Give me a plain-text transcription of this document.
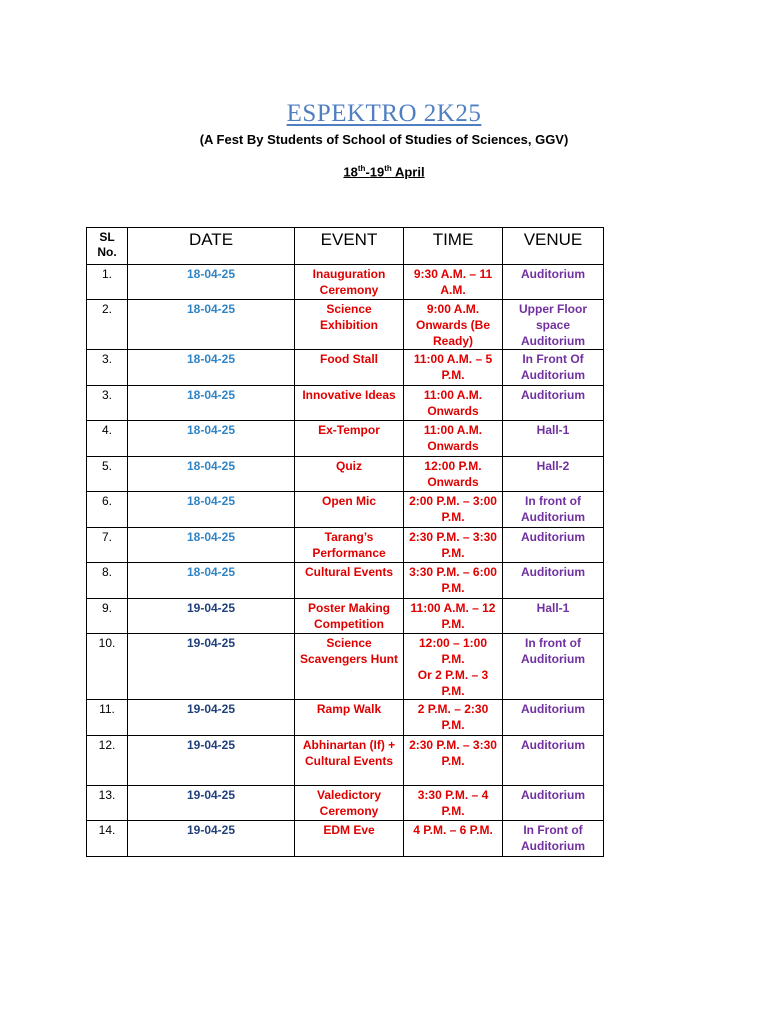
ESPEKTRO 2K25
(A Fest By Students of School of Studies of Sciences, GGV)
18th-19th April
SL No.	DATE	EVENT	TIME	VENUE
1.	18-04-25	Inauguration Ceremony	9:30 A.M. – 11 A.M.	Auditorium
2.	18-04-25	Science Exhibition	9:00 A.M. Onwards (Be Ready)	Upper Floor space Auditorium
3.	18-04-25	Food Stall	11:00 A.M. – 5 P.M.	In Front Of Auditorium
3.	18-04-25	Innovative Ideas	11:00 A.M. Onwards	Auditorium
4.	18-04-25	Ex-Tempor	11:00 A.M. Onwards	Hall-1
5.	18-04-25	Quiz	12:00 P.M. Onwards	Hall-2
6.	18-04-25	Open Mic	2:00 P.M. – 3:00 P.M.	In front of Auditorium
7.	18-04-25	Tarang’s Performance	2:30 P.M. – 3:30 P.M.	Auditorium
8.	18-04-25	Cultural Events	3:30 P.M. – 6:00 P.M.	Auditorium
9.	19-04-25	Poster Making Competition	11:00 A.M. – 12 P.M.	Hall-1
10.	19-04-25	Science Scavengers Hunt	12:00 – 1:00 P.M.
Or 2 P.M. – 3 P.M.	In front of Auditorium
11.	19-04-25	Ramp Walk	2 P.M. – 2:30 P.M.	Auditorium
12.	19-04-25	Abhinartan (If) + Cultural Events	2:30 P.M. – 3:30 P.M.	Auditorium
13.	19-04-25	Valedictory Ceremony	3:30 P.M. – 4 P.M.	Auditorium
14.	19-04-25	EDM Eve	4 P.M. – 6 P.M.	In Front of Auditorium
